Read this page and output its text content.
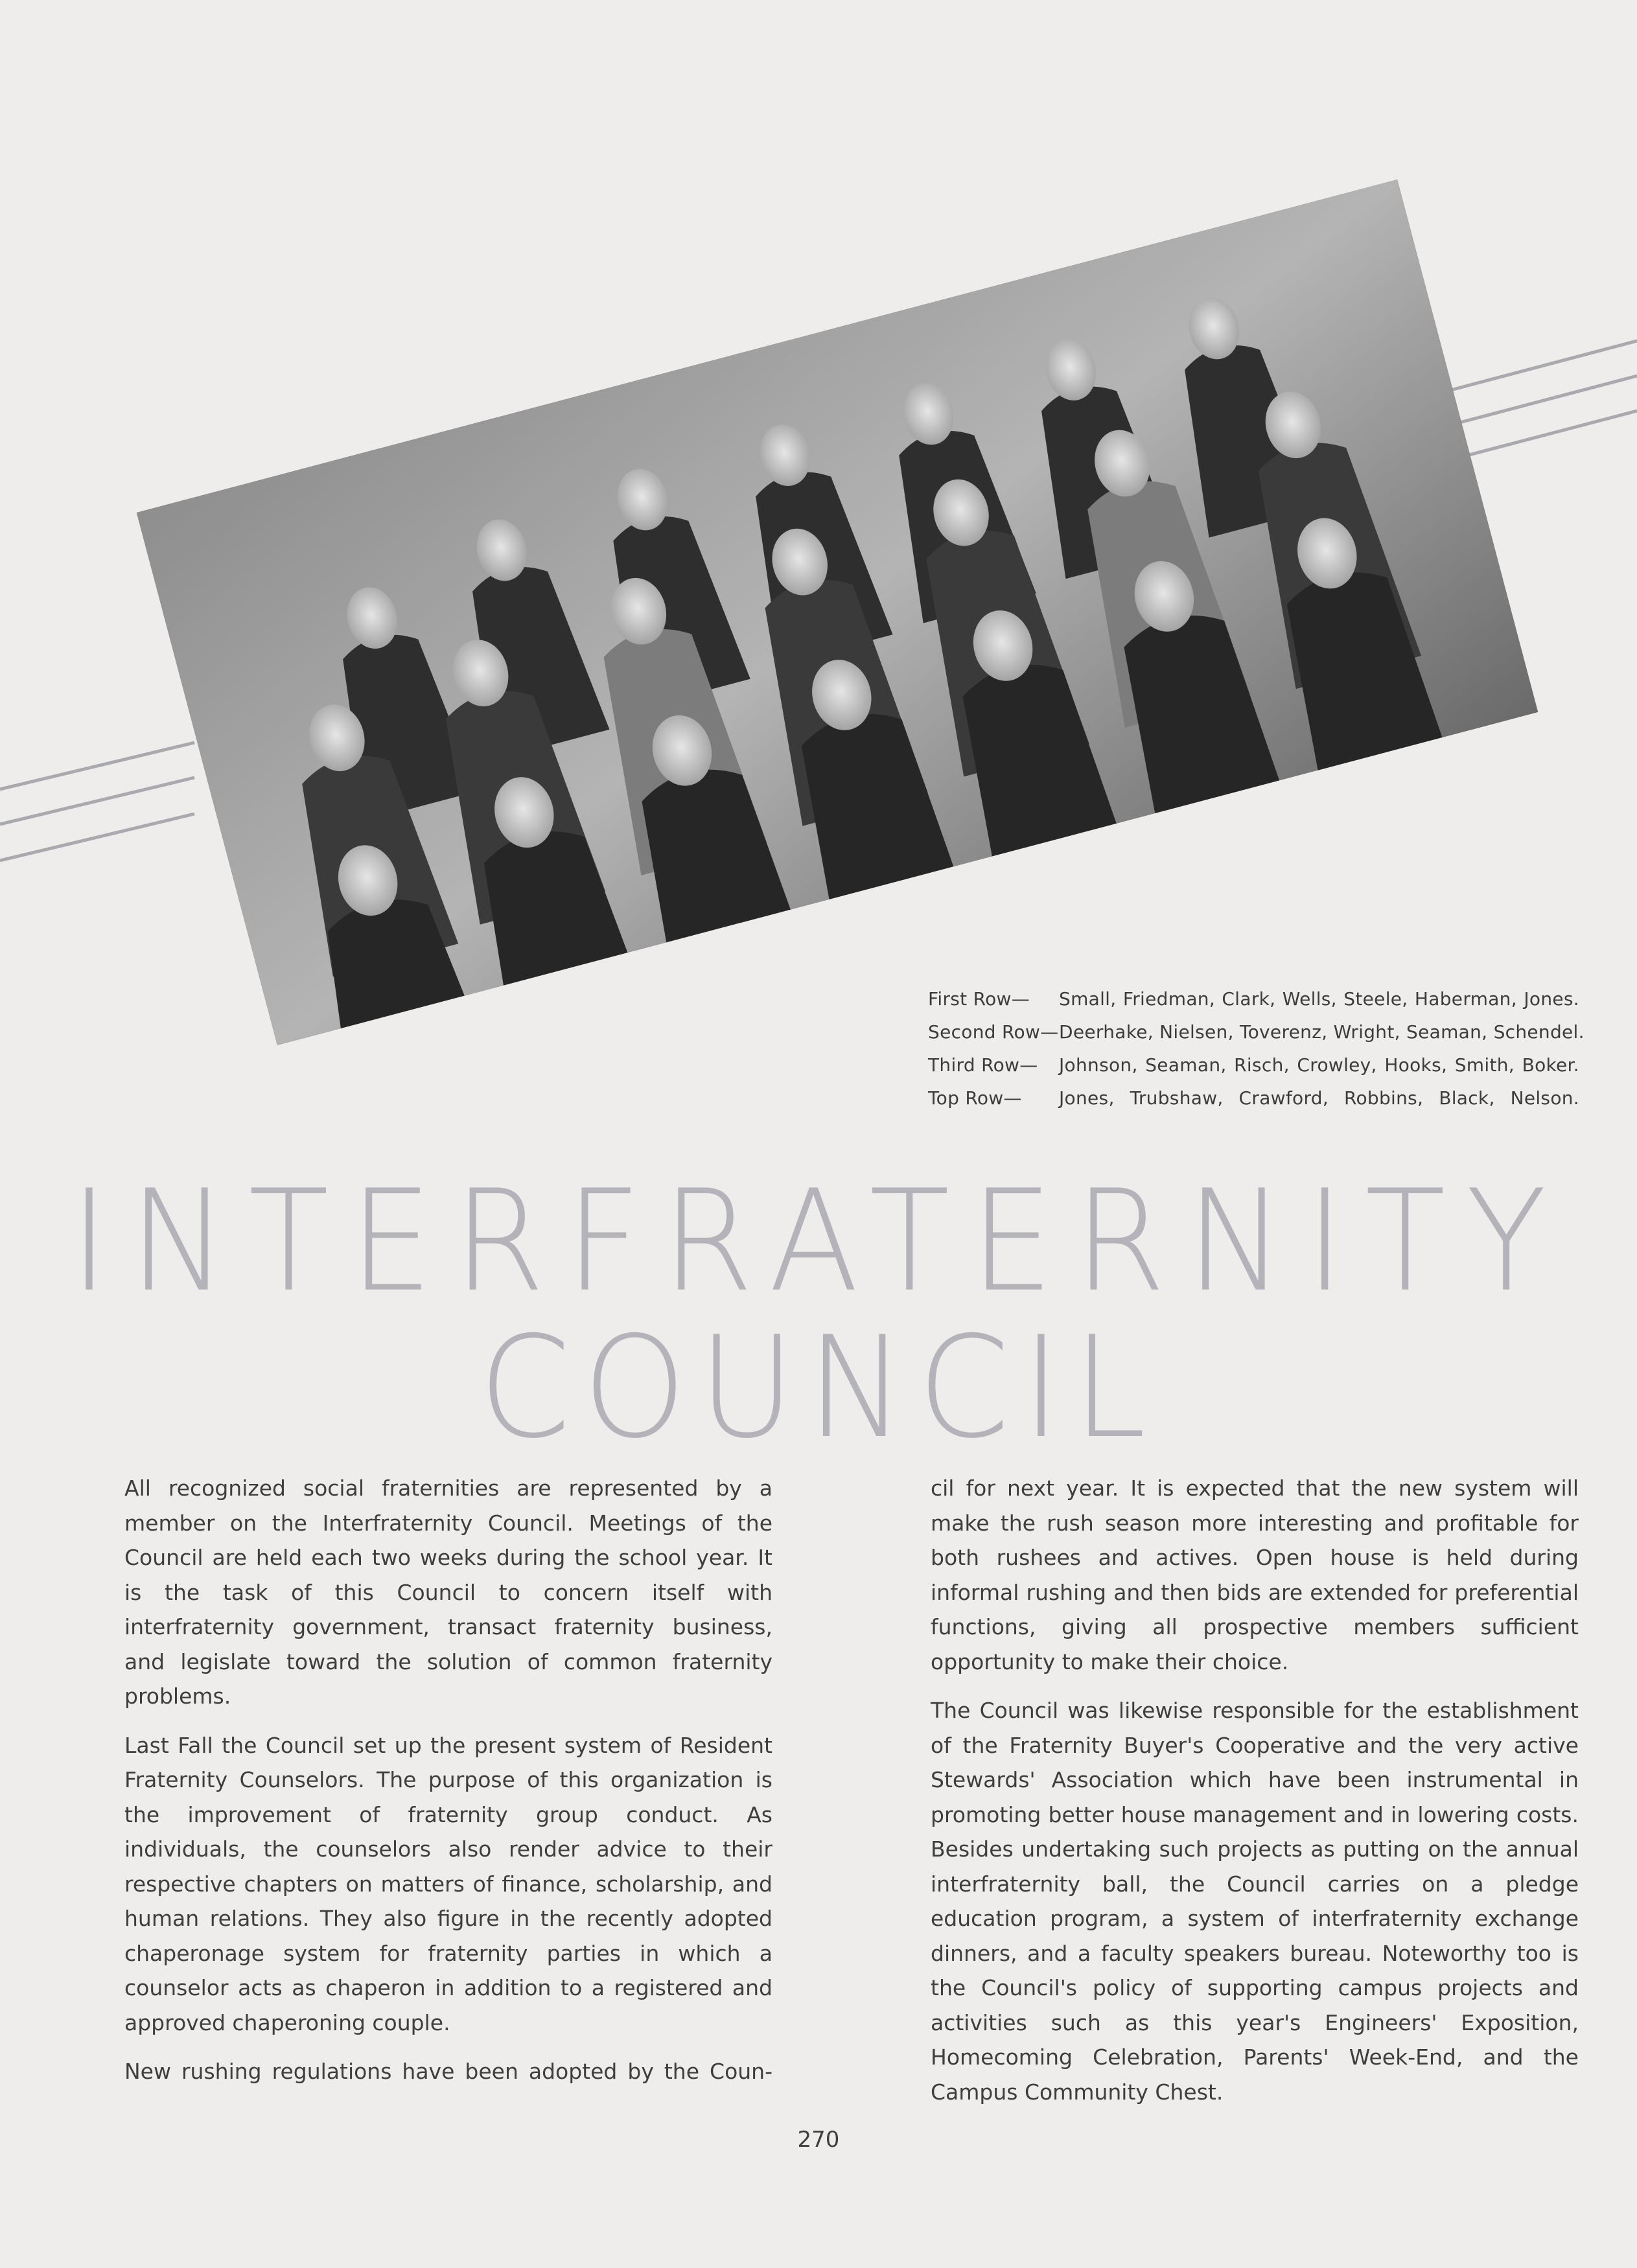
First Row—	Small, Friedman, Clark, Wells, Steele, Haberman, Jones.
Second Row— Deerhake, Nielsen, Toverenz, Wright, Seaman, Schendel.
Third Row—	Johnson, Seaman, Risch, Crowley, Hooks, Smith, Boker.
Top Row—	Jones, Trubshaw, Crawford, Robbins, Black, Nelson.
INTERFRATERNITY
COUNCIL

All recognized social fraternities are represented by a member on the Interfraternity Council. Meetings of the Council are held each two weeks during the school year. It is the task of this Council to concern itself with interfraternity government, transact fraternity business, and legislate toward the solution of common fraternity problems.

Last Fall the Council set up the present system of Resident Fraternity Counselors. The purpose of this organization is the improvement of fraternity group conduct. As individuals, the counselors also render advice to their respective chapters on matters of finance, scholarship, and human relations. They also figure in the recently adopted chaperonage system for fraternity parties in which a counselor acts as chaperon in addition to a registered and approved chaperoning couple.

New rushing regulations have been adopted by the Coun-

cil for next year. It is expected that the new system will make the rush season more interesting and profitable for both rushees and actives. Open house is held during informal rushing and then bids are extended for preferential functions, giving all prospective members sufficient opportunity to make their choice.

The Council was likewise responsible for the establishment of the Fraternity Buyer's Cooperative and the very active Stewards' Association which have been instrumental in promoting better house management and in lowering costs. Besides undertaking such projects as putting on the annual interfraternity ball, the Council carries on a pledge education program, a system of interfraternity exchange dinners, and a faculty speakers bureau. Noteworthy too is the Council's policy of supporting campus projects and activities such as this year's Engineers' Exposition, Homecoming Celebration, Parents' Week-End, and the Campus Community Chest.

270
